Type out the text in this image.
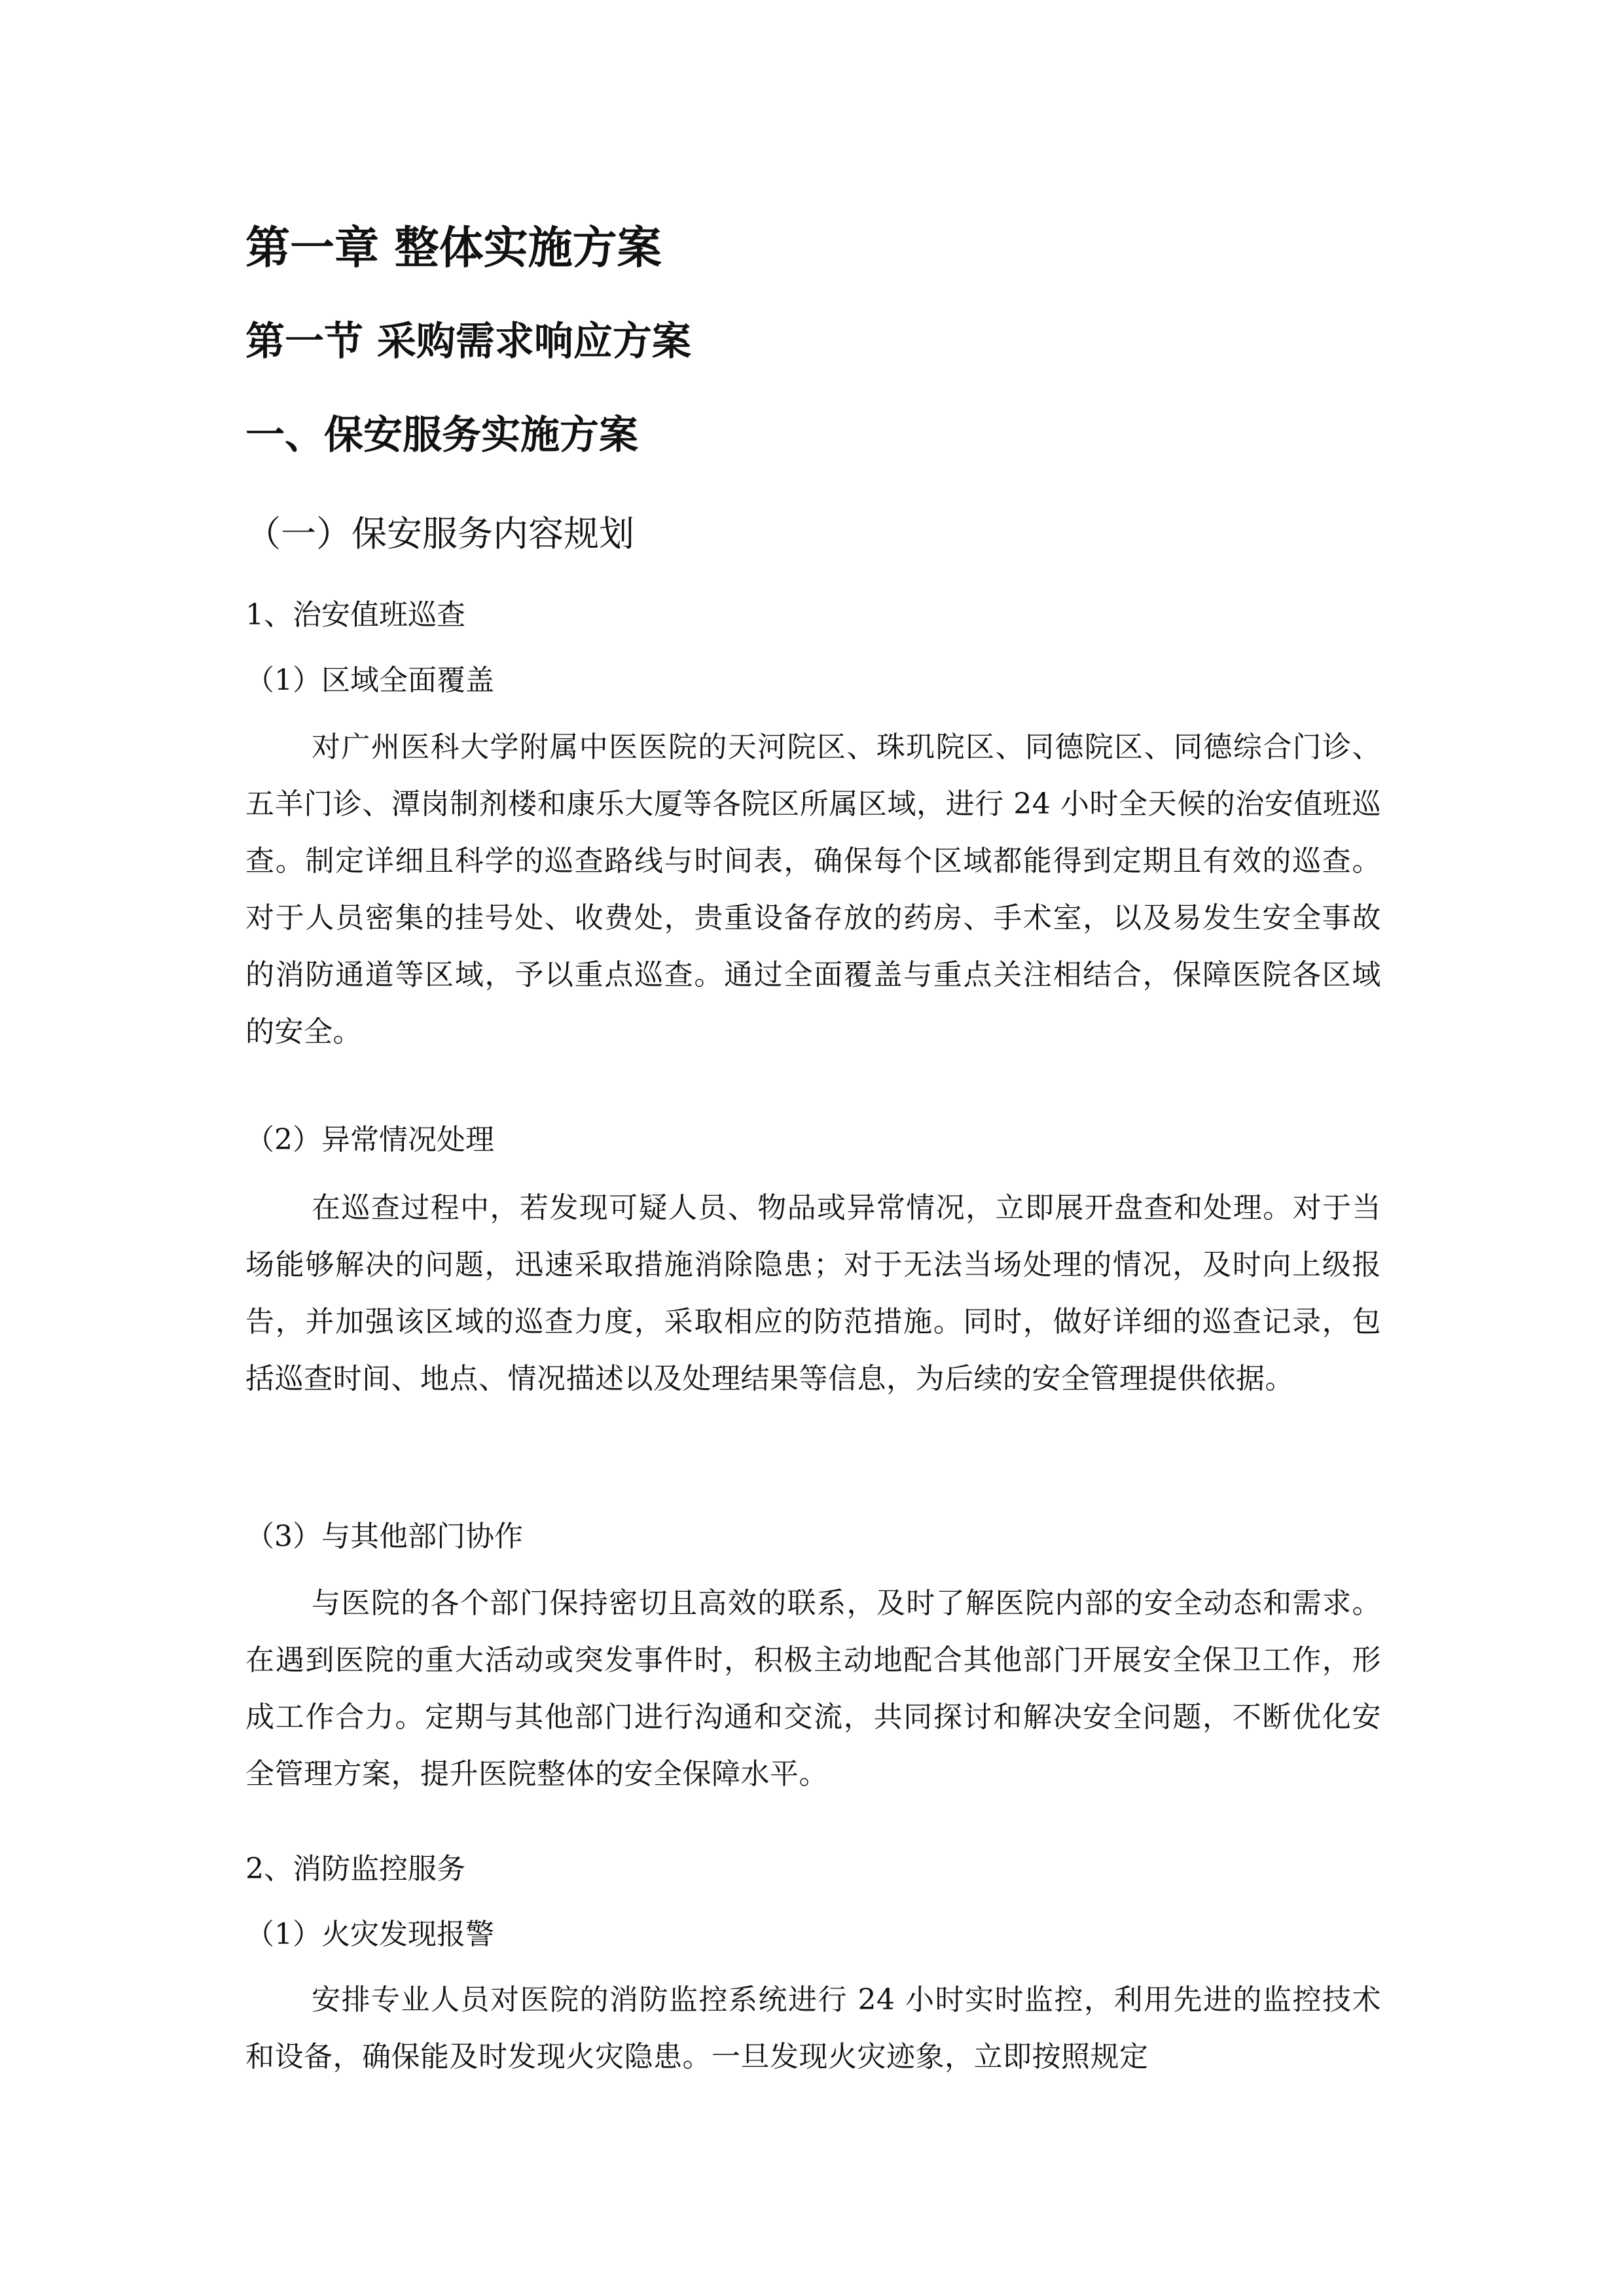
第一章 整体实施方案
第一节 采购需求响应方案
一、保安服务实施方案
（一）保安服务内容规划
1、治安值班巡查
（1）区域全面覆盖

对广州医科大学附属中医医院的天河院区、珠玑院区、同德院区、同德综合门诊、五羊门诊、潭岗制剂楼和康乐大厦等各院区所属区域，进行 24 小时全天候的治安值班巡查。制定详细且科学的巡查路线与时间表，确保每个区域都能得到定期且有效的巡查。对于人员密集的挂号处、收费处，贵重设备存放的药房、手术室，以及易发生安全事故的消防通道等区域，予以重点巡查。通过全面覆盖与重点关注相结合，保障医院各区域的安全。

（2）异常情况处理

在巡查过程中，若发现可疑人员、物品或异常情况，立即展开盘查和处理。对于当场能够解决的问题，迅速采取措施消除隐患；对于无法当场处理的情况，及时向上级报告，并加强该区域的巡查力度，采取相应的防范措施。同时，做好详细的巡查记录，包括巡查时间、地点、情况描述以及处理结果等信息，为后续的安全管理提供依据。

（3）与其他部门协作

与医院的各个部门保持密切且高效的联系，及时了解医院内部的安全动态和需求。在遇到医院的重大活动或突发事件时，积极主动地配合其他部门开展安全保卫工作，形成工作合力。定期与其他部门进行沟通和交流，共同探讨和解决安全问题，不断优化安全管理方案，提升医院整体的安全保障水平。

2、消防监控服务
（1）火灾发现报警

安排专业人员对医院的消防监控系统进行 24 小时实时监控，利用先进的监控技术和设备，确保能及时发现火灾隐患。一旦发现火灾迹象，立即按照规定
